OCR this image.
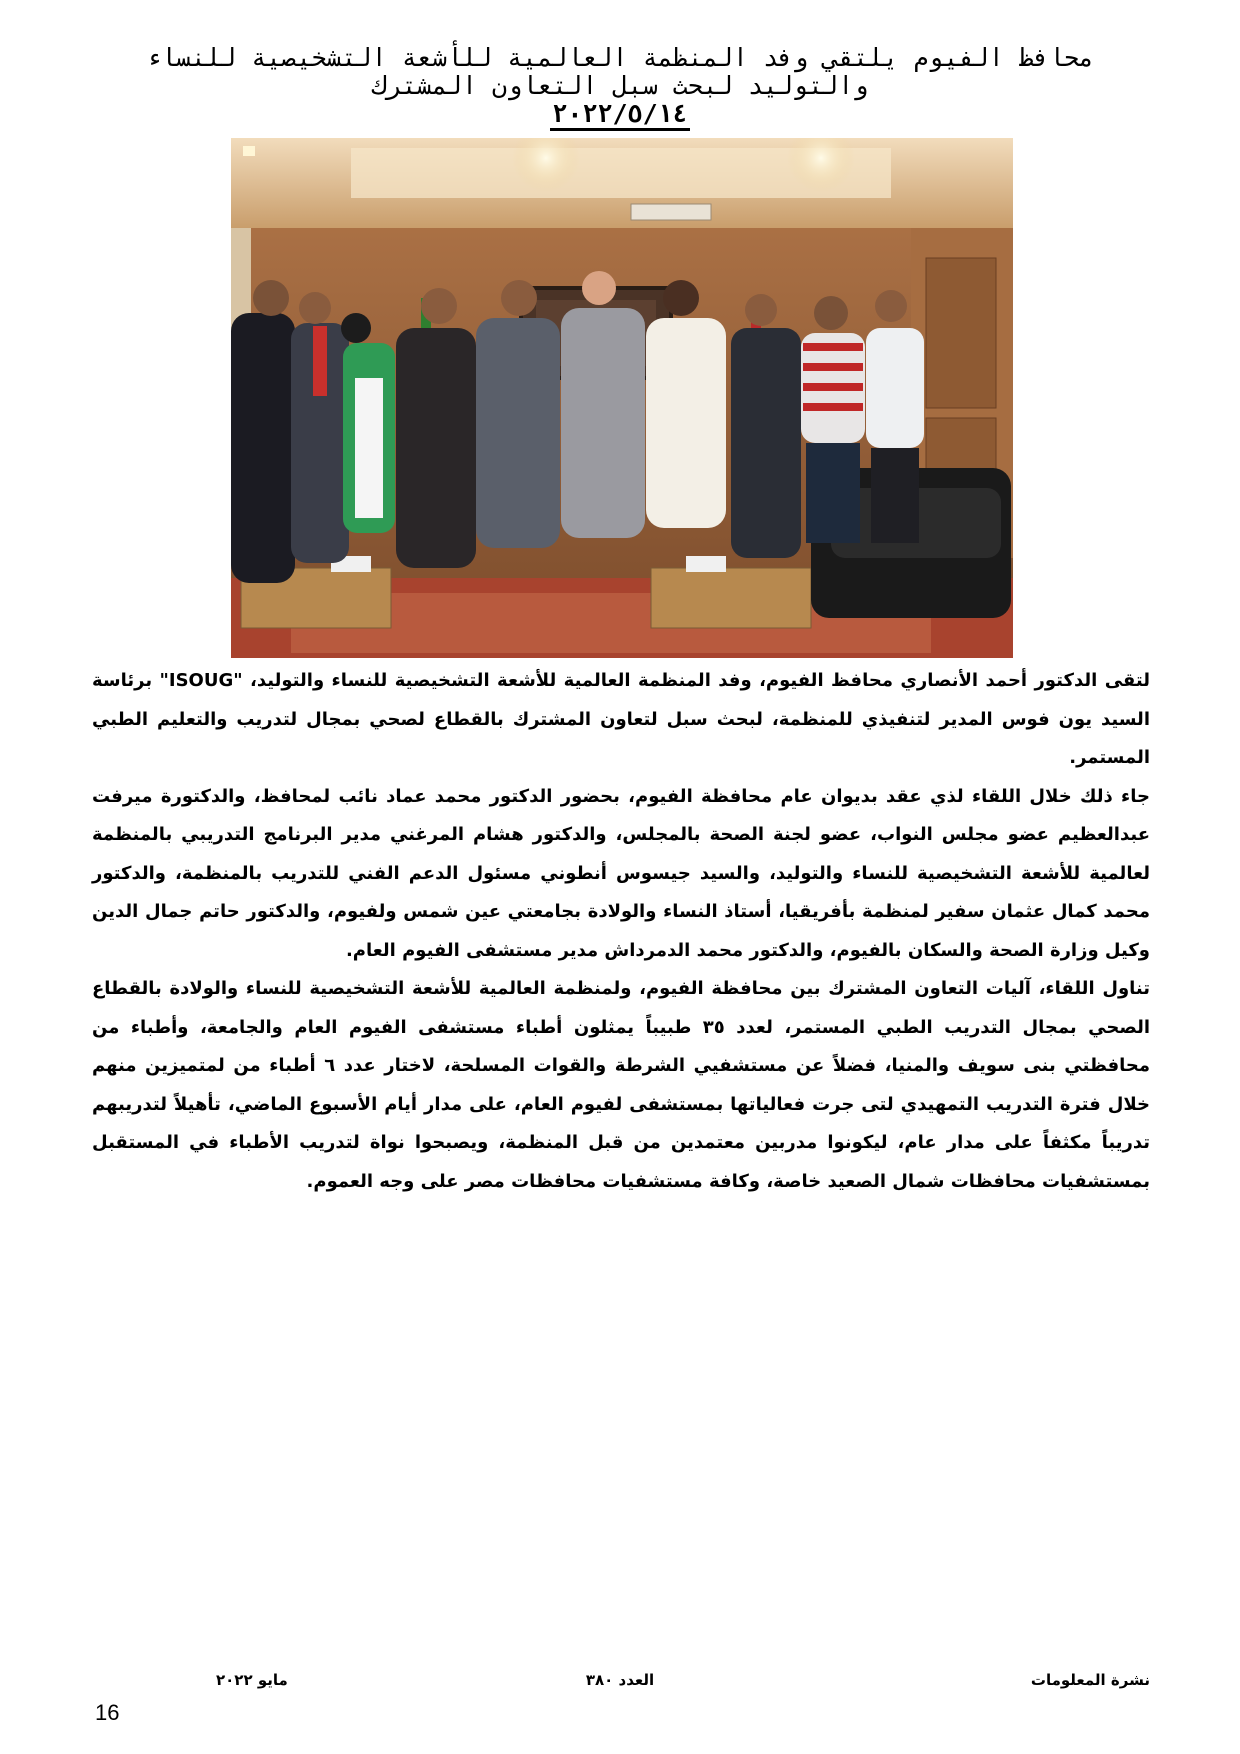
محافظ الفيوم يلتقي وفد المنظمة العالمية للأشعة التشخيصية للنساء
والتوليد لبحث سبل التعاون المشترك
٢٠٢٢/٥/١٤

لتقى الدكتور أحمد الأنصاري محافظ الفيوم، وفد المنظمة العالمية للأشعة التشخيصية للنساء والتوليد، "ISOUG" برئاسة السيد يون فوس المدير لتنفيذي للمنظمة، لبحث سبل لتعاون المشترك بالقطاع لصحي بمجال لتدريب والتعليم الطبي المستمر.

جاء ذلك خلال اللقاء لذي عقد بديوان عام محافظة الفيوم، بحضور الدكتور محمد عماد نائب لمحافظ، والدكتورة ميرفت عبدالعظيم عضو مجلس النواب، عضو لجنة الصحة بالمجلس، والدكتور هشام المرغني مدير البرنامج التدريبي بالمنظمة لعالمية للأشعة التشخيصية للنساء والتوليد، والسيد جيسوس أنطوني مسئول الدعم الفني للتدريب بالمنظمة، والدكتور محمد كمال عثمان سفير لمنظمة بأفريقيا، أستاذ النساء والولادة بجامعتي عين شمس ولفيوم، والدكتور حاتم جمال الدين وكيل وزارة الصحة والسكان بالفيوم، والدكتور محمد الدمرداش مدير مستشفى الفيوم العام.

تناول اللقاء، آليات التعاون المشترك بين محافظة الفيوم، ولمنظمة العالمية للأشعة التشخيصية للنساء والولادة بالقطاع الصحي بمجال التدريب الطبي المستمر، لعدد ٣٥ طبيباً يمثلون أطباء مستشفى الفيوم العام والجامعة، وأطباء من محافظتي بنى سويف والمنيا، فضلاً عن مستشفيي الشرطة والقوات المسلحة، لاختار عدد ٦ أطباء من لمتميزين منهم خلال فترة التدريب التمهيدي لتى جرت فعالياتها بمستشفى لفيوم العام، على مدار أيام الأسبوع الماضي، تأهيلاً لتدريبهم تدريباً مكثفاً على مدار عام، ليكونوا مدربين معتمدين من قبل المنظمة، ويصبحوا نواة لتدريب الأطباء في المستقبل بمستشفيات محافظات شمال الصعيد خاصة، وكافة مستشفيات محافظات مصر على وجه العموم.

نشرة المعلومات
العدد ٣٨٠
مايو ٢٠٢٢
16
